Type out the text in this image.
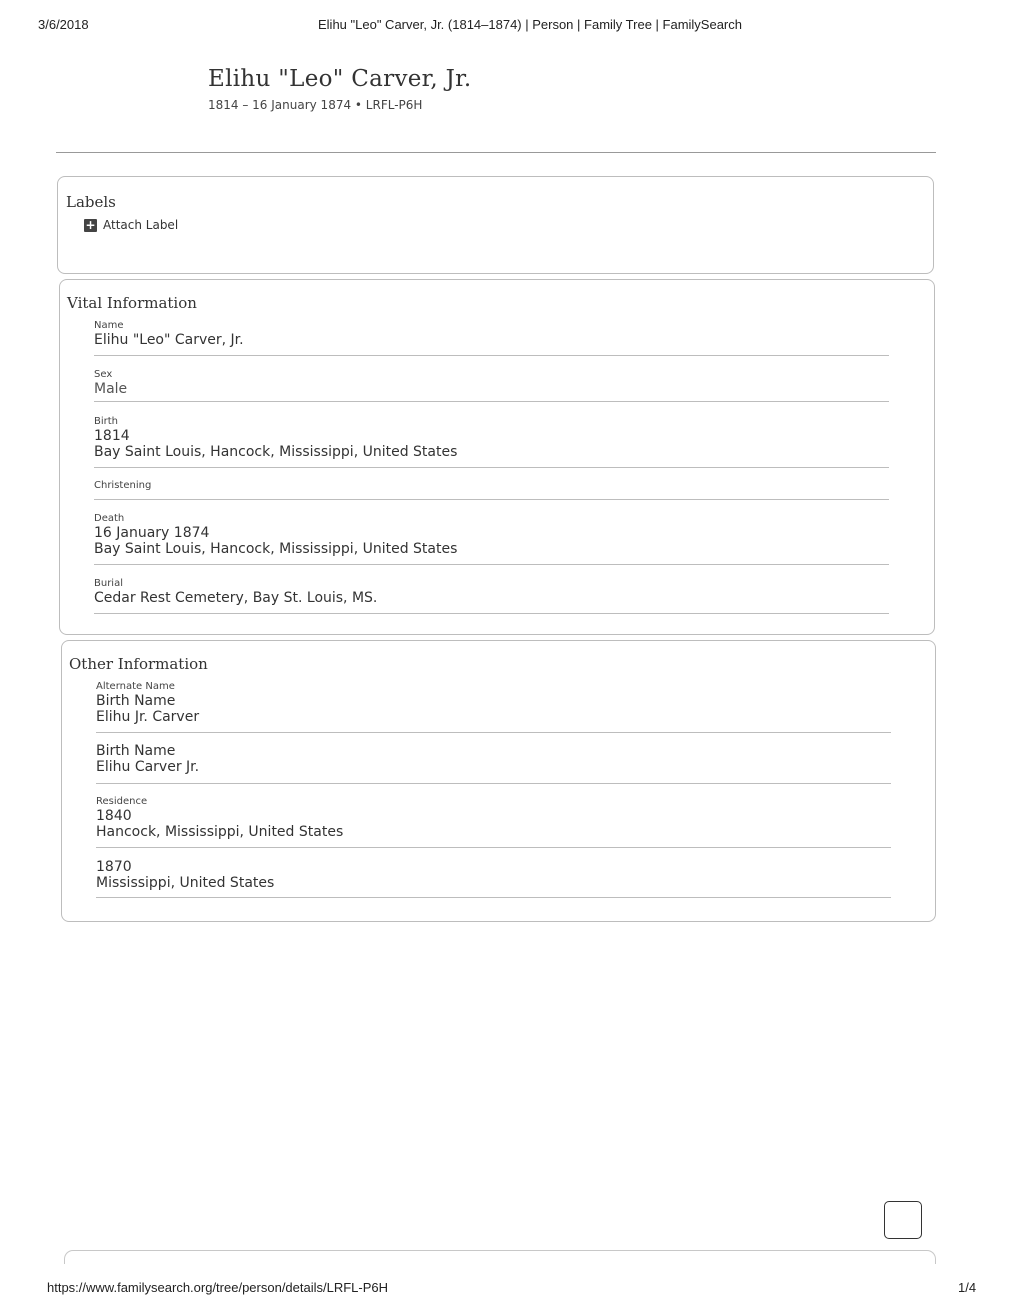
3/6/2018	Elihu "Leo" Carver, Jr. (1814–1874) | Person | Family Tree | FamilySearch
Elihu "Leo" Carver, Jr.
1814 – 16 January 1874 • LRFL-P6H
Labels
+ Attach Label
Vital Information
Name
Elihu "Leo" Carver, Jr.
Sex
Male
Birth
1814
Bay Saint Louis, Hancock, Mississippi, United States
Christening
Death
16 January 1874
Bay Saint Louis, Hancock, Mississippi, United States
Burial
Cedar Rest Cemetery, Bay St. Louis, MS.
Other Information
Alternate Name
Birth Name
Elihu Jr. Carver
Birth Name
Elihu Carver Jr.
Residence
1840
Hancock, Mississippi, United States
1870
Mississippi, United States
https://www.familysearch.org/tree/person/details/LRFL-P6H	1/4
